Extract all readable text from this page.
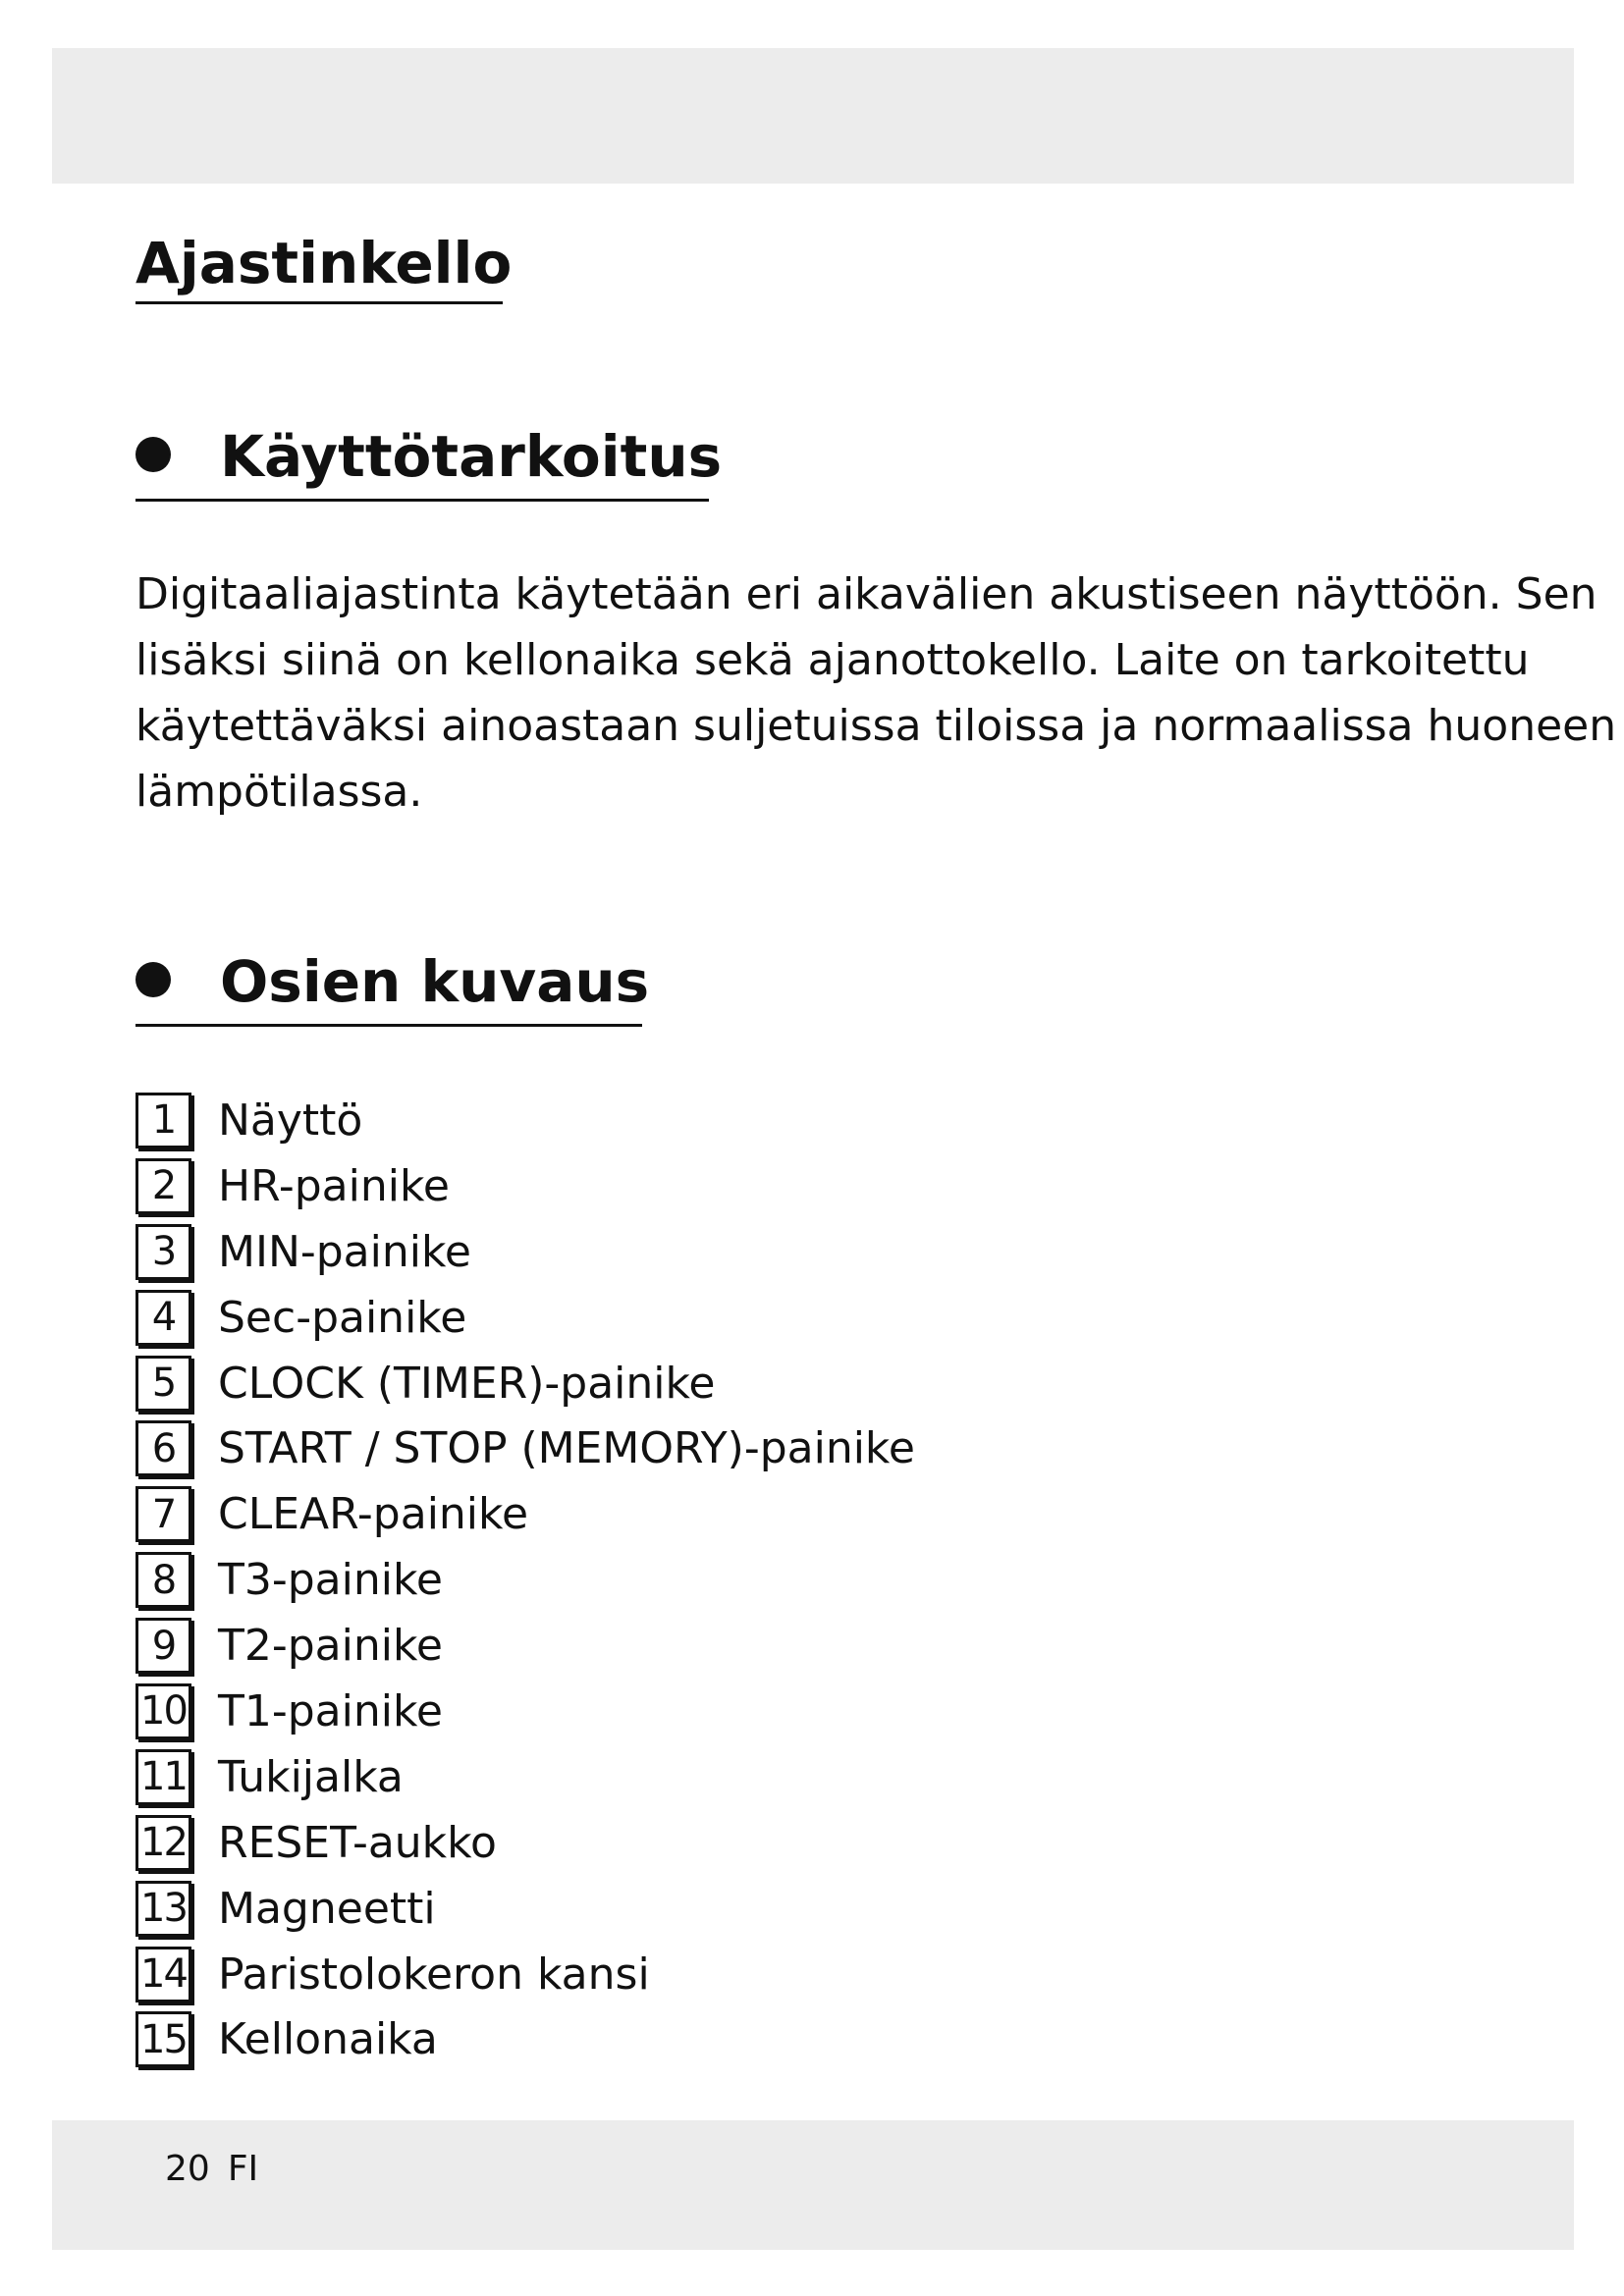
Ajastinkello
Käyttötarkoitus
Digitaaliajastinta käytetään eri aikavälien akustiseen näyttöön. Sen
lisäksi siinä on kellonaika sekä ajanottokello. Laite on tarkoitettu
käytettäväksi ainoastaan suljetuissa tiloissa ja normaalissa huoneen
lämpötilassa.
Osien kuvaus
1 Näyttö
2 HR-painike
3 MIN-painike
4 Sec-painike
5 CLOCK (TIMER)-painike
6 START / STOP (MEMORY)-painike
7 CLEAR-painike
8 T3-painike
9 T2-painike
10 T1-painike
11 Tukijalka
12 RESET-aukko
13 Magneetti
14 Paristolokeron kansi
15 Kellonaika
20 FI
